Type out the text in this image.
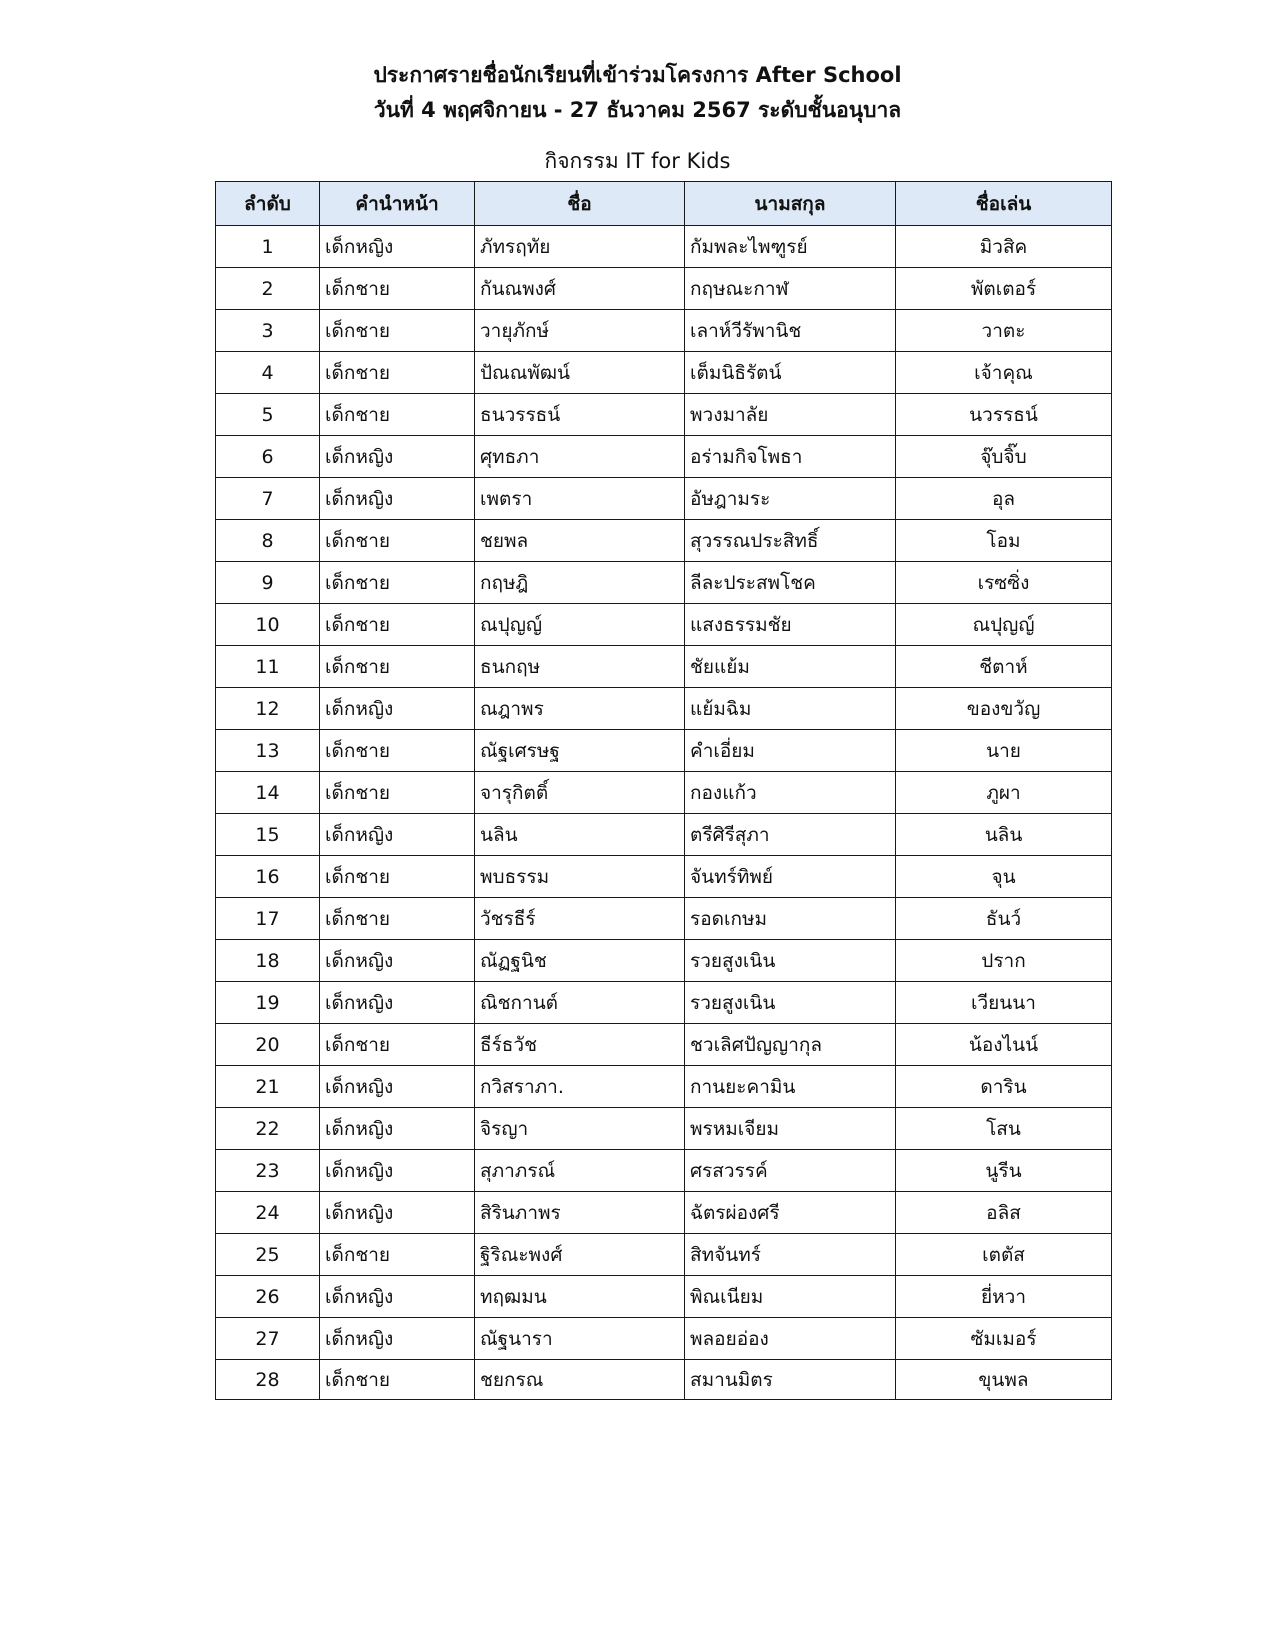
ประกาศรายชื่อนักเรียนที่เข้าร่วมโครงการ After School

วันที่ 4 พฤศจิกายน - 27 ธันวาคม 2567 ระดับชั้นอนุบาล

กิจกรรม IT for Kids
ลำดับ	คำนำหน้า	ชื่อ	นามสกุล	ชื่อเล่น
1	เด็กหญิง	ภัทรฤทัย	กัมพละไพฑูรย์	มิวสิค
2	เด็กชาย	กันณพงศ์	กฤษณะกาฬ	พัตเตอร์
3	เด็กชาย	วายุภักษ์	เลาห์วีรัพานิช	วาตะ
4	เด็กชาย	ปัณณพัฒน์	เต็มนิธิรัตน์	เจ้าคุณ
5	เด็กชาย	ธนวรรธน์	พวงมาลัย	นวรรธน์
6	เด็กหญิง	ศุทธภา	อร่ามกิจโพธา	จุ๊บจิ๊บ
7	เด็กหญิง	เพตรา	อัษฎามระ	อุล
8	เด็กชาย	ชยพล	สุวรรณประสิทธิ์	โอม
9	เด็กชาย	กฤษฎิ	ลีละประสพโชค	เรซซิ่ง
10	เด็กชาย	ณปุญญ์	แสงธรรมชัย	ณปุญญ์
11	เด็กชาย	ธนกฤษ	ชัยแย้ม	ชีตาห์
12	เด็กหญิง	ณฎาพร	แย้มฉิม	ของขวัญ
13	เด็กชาย	ณัฐเศรษฐ	คำเอี่ยม	นาย
14	เด็กชาย	จารุกิตติ์	กองแก้ว	ภูผา
15	เด็กหญิง	นลิน	ตรีศิรีสุภา	นลิน
16	เด็กชาย	พบธรรม	จันทร์ทิพย์	จุน
17	เด็กชาย	วัชรธีร์	รอดเกษม	ธันว์
18	เด็กหญิง	ณัฏฐนิช	รวยสูงเนิน	ปราก
19	เด็กหญิง	ณิชกานต์	รวยสูงเนิน	เวียนนา
20	เด็กชาย	ธีร์ธวัช	ชวเลิศปัญญากุล	น้องไนน์
21	เด็กหญิง	กวิสราภา.	กานยะคามิน	ดาริน
22	เด็กหญิง	จิรญา	พรหมเจียม	โสน
23	เด็กหญิง	สุภาภรณ์	ศรสวรรค์	นูรีน
24	เด็กหญิง	สิรินภาพร	ฉัตรผ่องศรี	อลิส
25	เด็กชาย	ฐิริณะพงศ์	สิทจันทร์	เตตัส
26	เด็กหญิง	ทฤฒมน	พิณเนียม	ยี่หวา
27	เด็กหญิง	ณัฐนารา	พลอยอ่อง	ซัมเมอร์
28	เด็กชาย	ชยกรณ	สมานมิตร	ขุนพล
